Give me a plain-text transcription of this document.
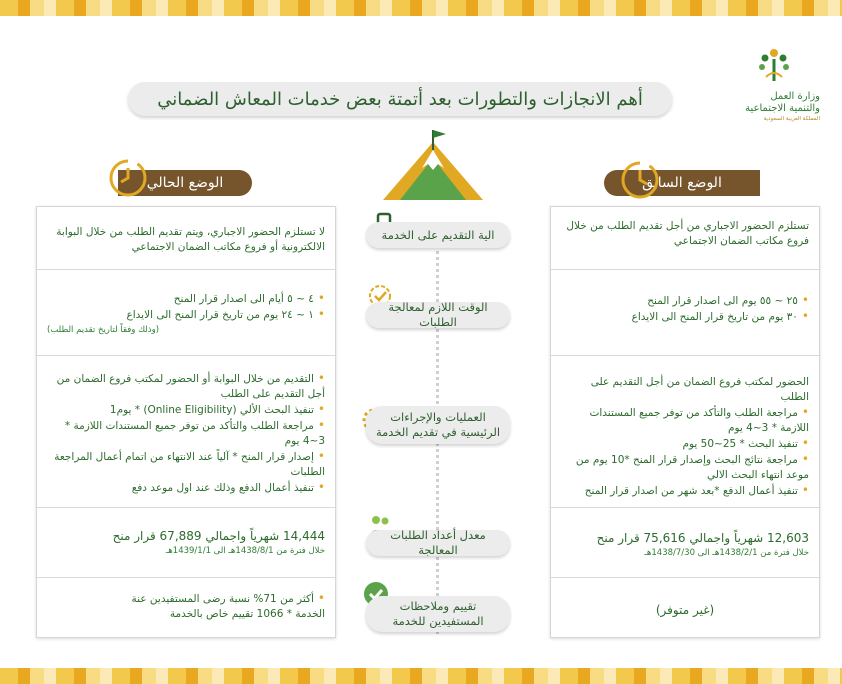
وزارة العمل
والتنمية الاجتماعية
المملكة العربية السعودية
أهم الانجازات والتطورات بعد أتمتة بعض خدمات المعاش الضماني
الوضع السابق
الوضع الحالي
تستلزم الحضور الاجباري من أجل تقديم الطلب من خلال فروع مكاتب الضمان الاجتماعي
• ٢٥ ~ ٥٥ يوم الى اصدار قرار المنح
• ٣٠ يوم من تاريخ قرار المنح الى الايداع
الحضور لمكتب فروع الضمان من أجل التقديم على الطلب
• مراجعة الطلب والتأكد من توفر جميع المستندات اللازمة * 3~4 يوم
• تنفيذ البحث * 25~50 يوم
• مراجعة نتائج البحث وإصدار قرار المنح *10 يوم من موعد انتهاء البحث الالي
• تنفيذ أعمال الدفع *بعد شهر من اصدار قرار المنح
12,603 شهرياً واجمالي 75,616 قرار منح
خلال فترة من 1438/2/1هـ الى 1438/7/30هـ
(غير متوفر)
لا تستلزم الحضور الاجباري، ويتم تقديم الطلب من خلال البوابة الالكترونية أو فروع مكاتب الضمان الاجتماعي
• ٤ ~ ٥ أيام الى اصدار قرار المنح
• ١ ~ ٢٤ يوم من تاريخ قرار المنح الى الايداع
(وذلك وفقاً لتاريخ تقديم الطلب)
• التقديم من خلال البوابة أو الحضور لمكتب فروع الضمان من أجل التقديم على الطلب
• تنفيذ البحث الألي (Online Eligibility) * يوم1
• مراجعة الطلب والتأكد من توفر جميع المستندات اللازمة * 3~4 يوم
• إصدار قرار المنح * آلياً عند الانتهاء من اتمام أعمال المراجعة الطلبات
• تنفيذ أعمال الدفع وذلك عند اول موعد دفع
14,444 شهرياً واجمالي 67,889 قرار منح
خلال فترة من 1438/8/1هـ الى 1439/1/1هـ
• أكثر من 71% نسبة رضى المستفيدين عنة
الخدمة * 1066 تقييم خاص بالخدمة
الية التقديم على الخدمة
الوقت اللازم لمعالجة الطلبات
العمليات والإجراءات الرئيسية في تقديم الخدمة
معدل أعداد الطلبات المعالجة
تقييم وملاحظات المستفيدين للخدمة
